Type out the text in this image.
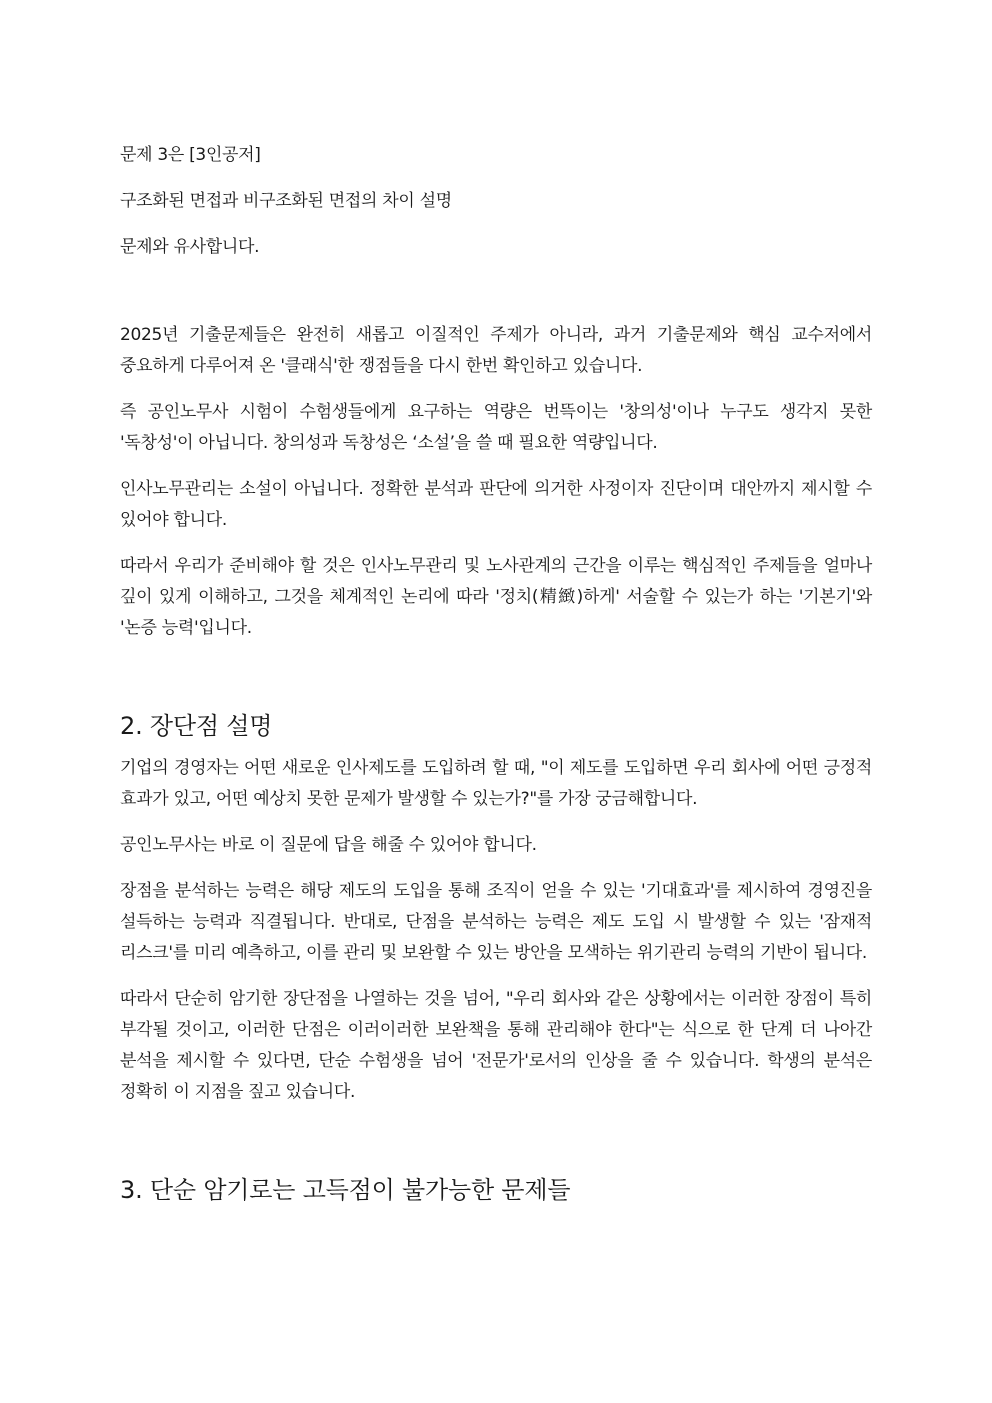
문제 3은 [3인공저]

구조화된 면접과 비구조화된 면접의 차이 설명

문제와 유사합니다.

2025년 기출문제들은 완전히 새롭고 이질적인 주제가 아니라, 과거 기출문제와 핵심 교수저에서 중요하게 다루어져 온 '클래식'한 쟁점들을 다시 한번 확인하고 있습니다.

즉 공인노무사 시험이 수험생들에게 요구하는 역량은 번뜩이는 '창의성'이나 누구도 생각지 못한 '독창성'이 아닙니다. 창의성과 독창성은 ‘소설’을 쓸 때 필요한 역량입니다.

인사노무관리는 소설이 아닙니다. 정확한 분석과 판단에 의거한 사정이자 진단이며 대안까지 제시할 수 있어야 합니다.

따라서 우리가 준비해야 할 것은 인사노무관리 및 노사관계의 근간을 이루는 핵심적인 주제들을 얼마나 깊이 있게 이해하고, 그것을 체계적인 논리에 따라 '정치(精緻)하게' 서술할 수 있는가 하는 '기본기'와 '논증 능력'입니다.

2. 장단점 설명

기업의 경영자는 어떤 새로운 인사제도를 도입하려 할 때, "이 제도를 도입하면 우리 회사에 어떤 긍정적 효과가 있고, 어떤 예상치 못한 문제가 발생할 수 있는가?"를 가장 궁금해합니다.

공인노무사는 바로 이 질문에 답을 해줄 수 있어야 합니다.

장점을 분석하는 능력은 해당 제도의 도입을 통해 조직이 얻을 수 있는 '기대효과'를 제시하여 경영진을 설득하는 능력과 직결됩니다. 반대로, 단점을 분석하는 능력은 제도 도입 시 발생할 수 있는 '잠재적 리스크'를 미리 예측하고, 이를 관리 및 보완할 수 있는 방안을 모색하는 위기관리 능력의 기반이 됩니다.

따라서 단순히 암기한 장단점을 나열하는 것을 넘어, "우리 회사와 같은 상황에서는 이러한 장점이 특히 부각될 것이고, 이러한 단점은 이러이러한 보완책을 통해 관리해야 한다"는 식으로 한 단계 더 나아간 분석을 제시할 수 있다면, 단순 수험생을 넘어 '전문가'로서의 인상을 줄 수 있습니다. 학생의 분석은 정확히 이 지점을 짚고 있습니다.

3. 단순 암기로는 고득점이 불가능한 문제들
